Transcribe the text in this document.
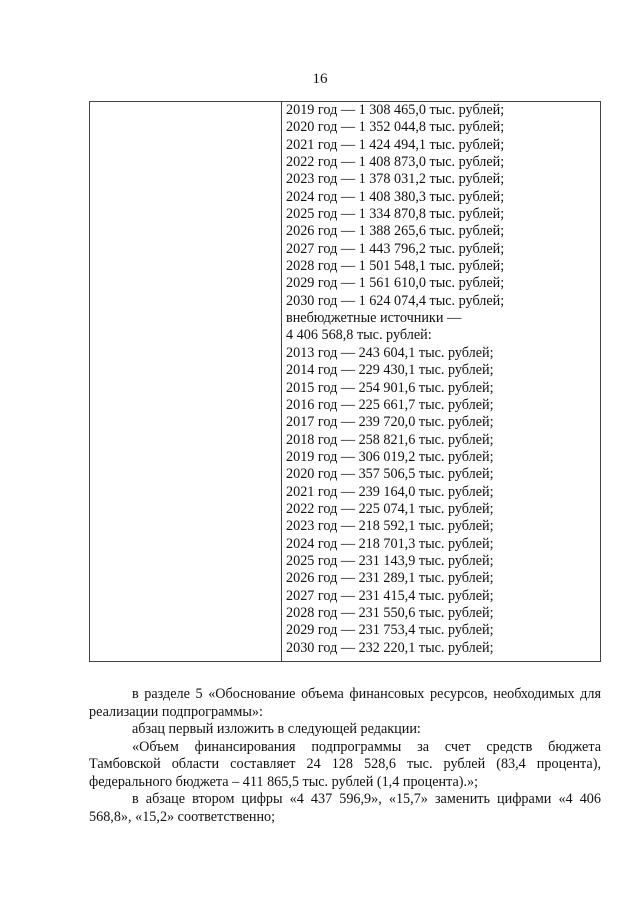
16
2019 год — 1 308 465,0 тыс. рублей;
2020 год — 1 352 044,8 тыс. рублей;
2021 год — 1 424 494,1 тыс. рублей;
2022 год — 1 408 873,0 тыс. рублей;
2023 год — 1 378 031,2 тыс. рублей;
2024 год — 1 408 380,3 тыс. рублей;
2025 год — 1 334 870,8 тыс. рублей;
2026 год — 1 388 265,6 тыс. рублей;
2027 год — 1 443 796,2 тыс. рублей;
2028 год — 1 501 548,1 тыс. рублей;
2029 год — 1 561 610,0 тыс. рублей;
2030 год — 1 624 074,4 тыс. рублей;
внебюджетные источники —
4 406 568,8 тыс. рублей:
2013 год — 243 604,1 тыс. рублей;
2014 год — 229 430,1 тыс. рублей;
2015 год — 254 901,6 тыс. рублей;
2016 год — 225 661,7 тыс. рублей;
2017 год — 239 720,0 тыс. рублей;
2018 год — 258 821,6 тыс. рублей;
2019 год — 306 019,2 тыс. рублей;
2020 год — 357 506,5 тыс. рублей;
2021 год — 239 164,0 тыс. рублей;
2022 год — 225 074,1 тыс. рублей;
2023 год — 218 592,1 тыс. рублей;
2024 год — 218 701,3 тыс. рублей;
2025 год — 231 143,9 тыс. рублей;
2026 год — 231 289,1 тыс. рублей;
2027 год — 231 415,4 тыс. рублей;
2028 год — 231 550,6 тыс. рублей;
2029 год — 231 753,4 тыс. рублей;
2030 год — 232 220,1 тыс. рублей;

в разделе 5 «Обоснование объема финансовых ресурсов, необходимых для реализации подпрограммы»:

абзац первый изложить в следующей редакции:

«Объем финансирования подпрограммы за счет средств бюджета Тамбовской области составляет 24 128 528,6 тыс. рублей (83,4 процента), федерального бюджета – 411 865,5 тыс. рублей (1,4 процента).»;

в абзаце втором цифры «4 437 596,9», «15,7» заменить цифрами «4 406 568,8», «15,2» соответственно;
